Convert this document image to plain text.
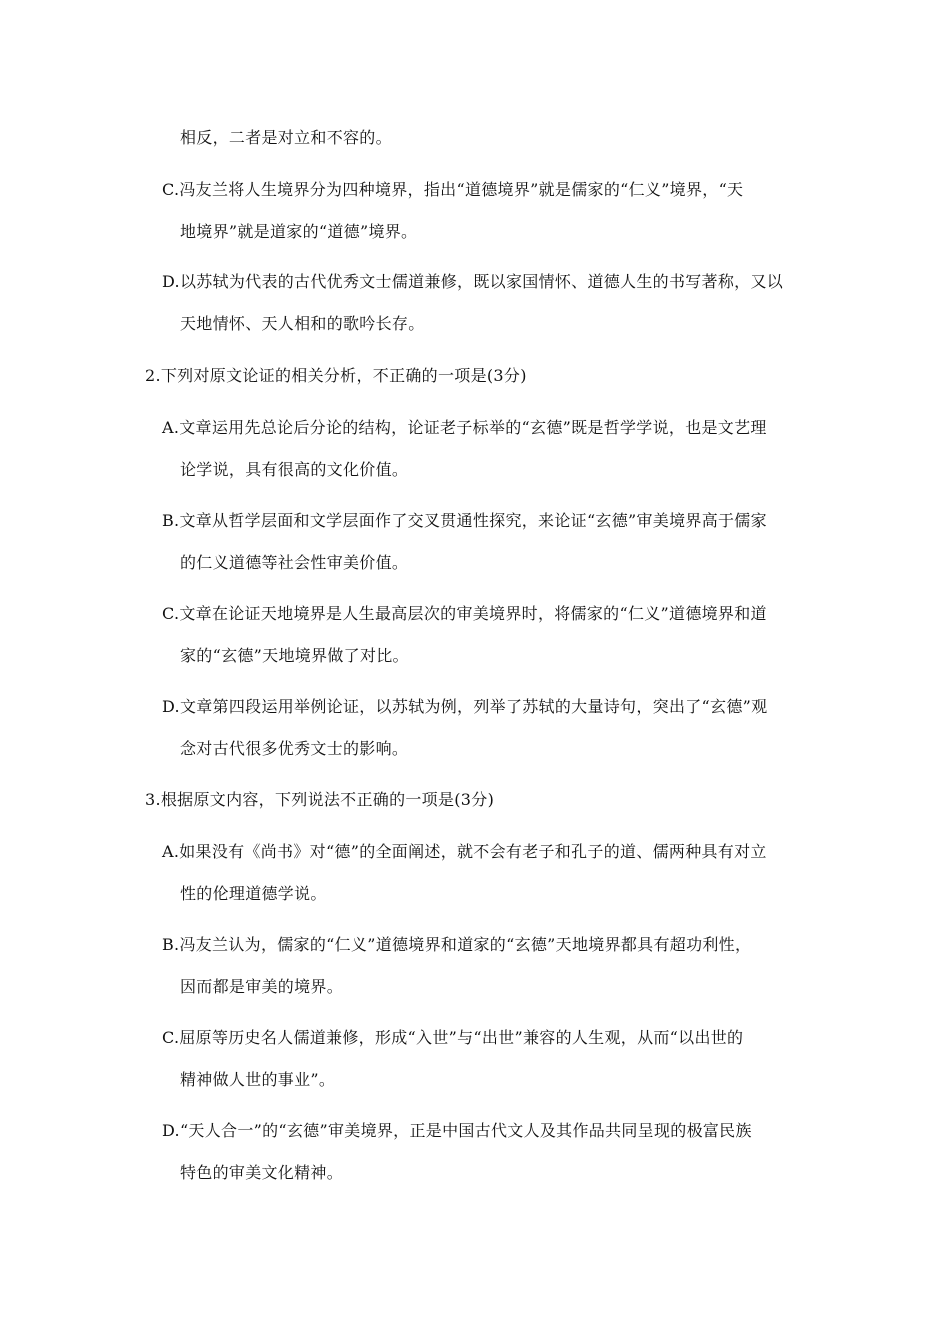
相反，二者是对立和不容的。
C.冯友兰将人生境界分为四种境界，指出“道德境界”就是儒家的“仁义”境界，“天
地境界”就是道家的“道德”境界。
D.以苏轼为代表的古代优秀文士儒道兼修，既以家国情怀、道德人生的书写著称，又以
天地情怀、天人相和的歌吟长存。
2.下列对原文论证的相关分析，不正确的一项是(3分)
A.文章运用先总论后分论的结构，论证老子标举的“玄德”既是哲学学说，也是文艺理
论学说，具有很高的文化价值。
B.文章从哲学层面和文学层面作了交叉贯通性探究，来论证“玄德”审美境界高于儒家
的仁义道德等社会性审美价值。
C.文章在论证天地境界是人生最高层次的审美境界时，将儒家的“仁义”道德境界和道
家的“玄德”天地境界做了对比。
D.文章第四段运用举例论证，以苏轼为例，列举了苏轼的大量诗句，突出了“玄德”观
念对古代很多优秀文士的影响。
3.根据原文内容，下列说法不正确的一项是(3分)
A.如果没有《尚书》对“德”的全面阐述，就不会有老子和孔子的道、儒两种具有对立
性的伦理道德学说。
B.冯友兰认为，儒家的“仁义”道德境界和道家的“玄德”天地境界都具有超功利性，
因而都是审美的境界。
C.屈原等历史名人儒道兼修，形成“入世”与“出世”兼容的人生观，从而“以出世的
精神做人世的事业”。
D.“天人合一”的“玄德”审美境界，正是中国古代文人及其作品共同呈现的极富民族
特色的审美文化精神。
